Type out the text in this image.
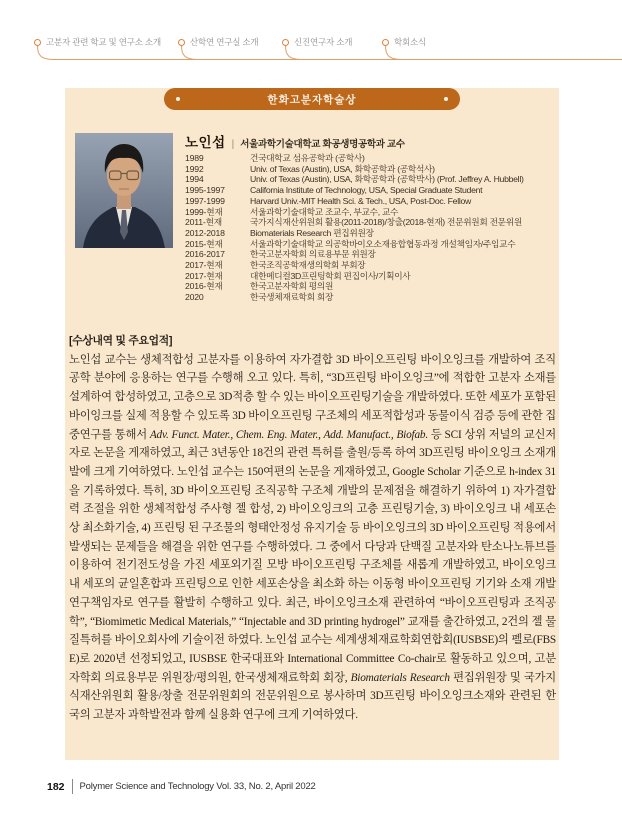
고분자 관련 학교 및 연구소 소개	산학연 연구실 소개	신진연구자 소개	학회소식
한화고분자학술상
노인섭 | 서울과학기술대학교 화공생명공학과 교수
1989	건국대학교 섬유공학과 (공학사)
1992	Univ. of Texas (Austin), USA, 화학공학과 (공학석사)
1994	Univ. of Texas (Austin), USA, 화학공학과 (공학박사) (Prof. Jeffrey A. Hubbell)
1995-1997	California Institute of Technology, USA, Special Graduate Student
1997-1999	Harvard Univ.-MIT Health Sci. & Tech., USA, Post-Doc. Fellow
1999-현재	서울과학기술대학교 조교수, 부교수, 교수
2011-현재	국가지식재산위원회 활용(2011-2018)/창출(2018-현재) 전문위원회 전문위원
2012-2018	Biomaterials Research 편집위원장
2015-현재	서울과학기술대학교 의공학바이오소재융합협동과정 개설책임자/주임교수
2016-2017	한국고분자학회 의료용부문 위원장
2017-현재	한국조직공학재생의학회 부회장
2017-현재	대한메디컬3D프린팅학회 편집이사/기획이사
2016-현재	한국고분자학회 평의원
2020	한국생체재료학회 회장
[수상내역 및 주요업적]
노인섭 교수는 생체적합성 고분자를 이용하여 자가결합 3D 바이오프린팅 바이오잉크를 개발하여 조직공학 분야에 응용하는 연구를 수행해 오고 있다. 특히, “3D프린팅 바이오잉크”에 적합한 고분자 소재를 설계하여 합성하였고, 고층으로 3D적층 할 수 있는 바이오프린팅기술을 개발하였다. 또한 세포가 포함된 바이잉크를 실제 적용할 수 있도록 3D 바이오프린팅 구조체의 세포적합성과 동물이식 검증 등에 관한 집중연구를 통해서 Adv. Funct. Mater., Chem. Eng. Mater., Add. Manufact., Biofab. 등 SCI 상위 저널의 교신저자로 논문을 게재하였고, 최근 3년동안 18건의 관련 특허를 출원/등록 하여 3D프린팅 바이오잉크 소재개발에 크게 기여하였다. 노인섭 교수는 150여편의 논문을 게재하였고, Google Scholar 기준으로 h-index 31을 기록하였다. 특히, 3D 바이오프린팅 조직공학 구조체 개발의 문제점을 해결하기 위하여 1) 자가결합력 조절을 위한 생체적합성 주사형 젤 합성, 2) 바이오잉크의 고층 프린팅기술, 3) 바이오잉크 내 세포손상 최소화기술, 4) 프린팅 된 구조물의 형태안정성 유지기술 등 바이오잉크의 3D 바이오프린팅 적용에서 발생되는 문제들을 해결을 위한 연구를 수행하였다. 그 중에서 다당과 단백질 고분자와 탄소나노튜브를 이용하여 전기전도성을 가진 세포외기질 모방 바이오프린팅 구조체를 새롭게 개발하였고, 바이오잉크 내 세포의 균일혼합과 프린팅으로 인한 세포손상을 최소화 하는 이동형 바이오프린팅 기기와 소재 개발 연구책임자로 연구를 활발히 수행하고 있다. 최근, 바이오잉크소재 관련하여 “바이오프린팅과 조직공학”, “Biomimetic Medical Materials,” “Injectable and 3D printing hydrogel” 교재를 출간하였고, 2건의 젤 물질특허를 바이오회사에 기술이전 하였다. 노인섭 교수는 세계생체재료학회연합회(IUSBSE)의 펠로(FBSE)로 2020년 선정되었고, IUSBSE 한국대표와 International Committee Co-chair로 활동하고 있으며, 고분자학회 의료용부문 위원장/평의원, 한국생체재료학회 회장, Biomaterials Research 편집위원장 및 국가지식재산위원회 활용/창출 전문위원회의 전문위원으로 봉사하며 3D프린팅 바이오잉크소재와 관련된 한국의 고분자 과학발전과 함께 실용화 연구에 크게 기여하였다.
182 Polymer Science and Technology Vol. 33, No. 2, April 2022
